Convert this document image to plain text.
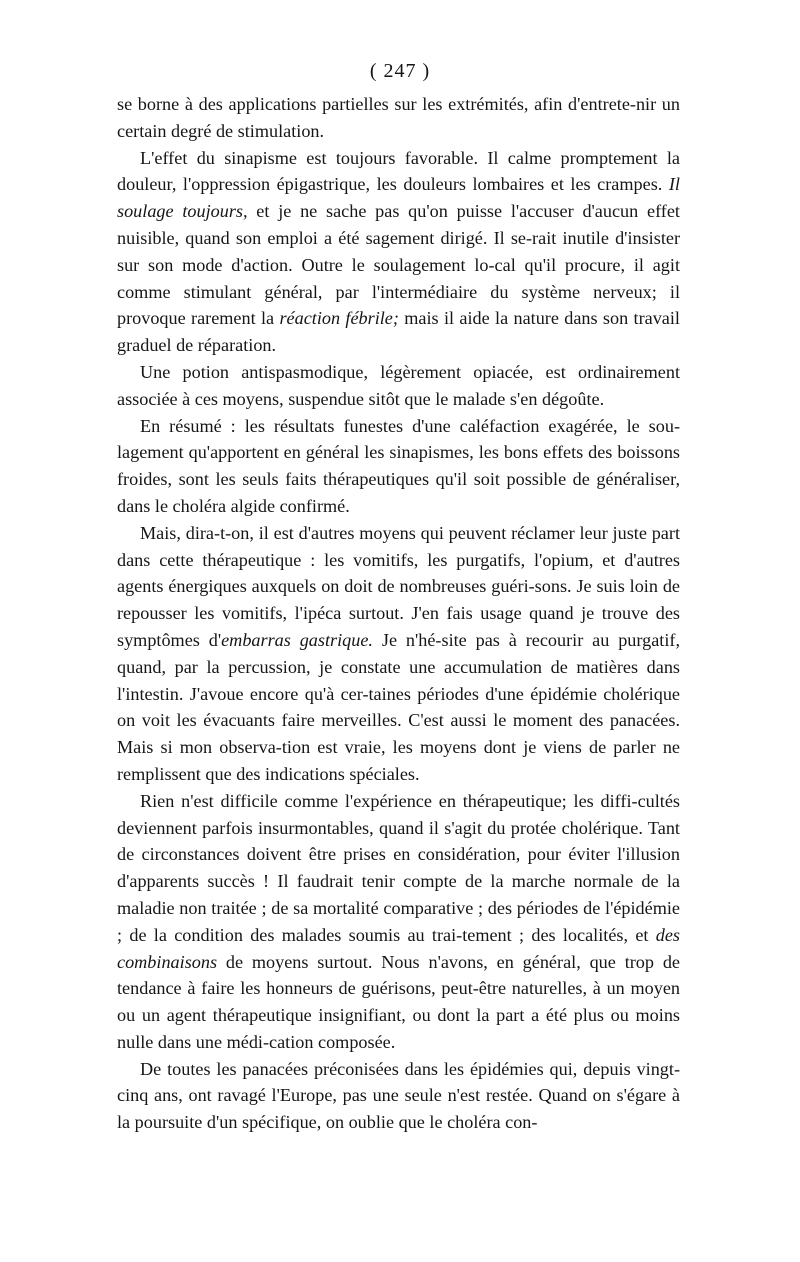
( 247 )

se borne à des applications partielles sur les extrémités, afin d'entrete-nir un certain degré de stimulation.

L'effet du sinapisme est toujours favorable. Il calme promptement la douleur, l'oppression épigastrique, les douleurs lombaires et les crampes. Il soulage toujours, et je ne sache pas qu'on puisse l'accuser d'aucun effet nuisible, quand son emploi a été sagement dirigé. Il se-rait inutile d'insister sur son mode d'action. Outre le soulagement lo-cal qu'il procure, il agit comme stimulant général, par l'intermédiaire du système nerveux; il provoque rarement la réaction fébrile; mais il aide la nature dans son travail graduel de réparation.

Une potion antispasmodique, légèrement opiacée, est ordinairement associée à ces moyens, suspendue sitôt que le malade s'en dégoûte.

En résumé : les résultats funestes d'une caléfaction exagérée, le sou-lagement qu'apportent en général les sinapismes, les bons effets des boissons froides, sont les seuls faits thérapeutiques qu'il soit possible de généraliser, dans le choléra algide confirmé.

Mais, dira-t-on, il est d'autres moyens qui peuvent réclamer leur juste part dans cette thérapeutique : les vomitifs, les purgatifs, l'opium, et d'autres agents énergiques auxquels on doit de nombreuses guéri-sons. Je suis loin de repousser les vomitifs, l'ipéca surtout. J'en fais usage quand je trouve des symptômes d'embarras gastrique. Je n'hé-site pas à recourir au purgatif, quand, par la percussion, je constate une accumulation de matières dans l'intestin. J'avoue encore qu'à cer-taines périodes d'une épidémie cholérique on voit les évacuants faire merveilles. C'est aussi le moment des panacées. Mais si mon observa-tion est vraie, les moyens dont je viens de parler ne remplissent que des indications spéciales.

Rien n'est difficile comme l'expérience en thérapeutique; les diffi-cultés deviennent parfois insurmontables, quand il s'agit du protée cholérique. Tant de circonstances doivent être prises en considération, pour éviter l'illusion d'apparents succès ! Il faudrait tenir compte de la marche normale de la maladie non traitée ; de sa mortalité comparative ; des périodes de l'épidémie ; de la condition des malades soumis au trai-tement ; des localités, et des combinaisons de moyens surtout. Nous n'avons, en général, que trop de tendance à faire les honneurs de guérisons, peut-être naturelles, à un moyen ou un agent thérapeutique insignifiant, ou dont la part a été plus ou moins nulle dans une médi-cation composée.

De toutes les panacées préconisées dans les épidémies qui, depuis vingt-cinq ans, ont ravagé l'Europe, pas une seule n'est restée. Quand on s'égare à la poursuite d'un spécifique, on oublie que le choléra con-
